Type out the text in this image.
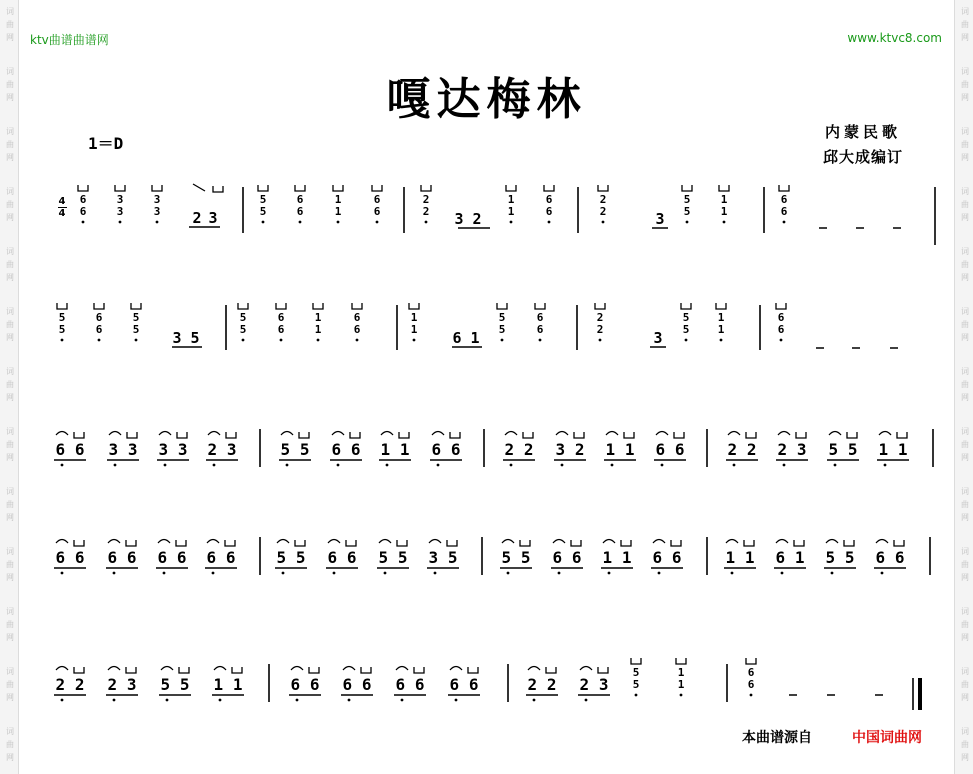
词
曲
网
词
曲
网
词
曲
网
词
曲
网
词
曲
网
词
曲
网
词
曲
网
词
曲
网
词
曲
网
词
曲
网
词
曲
网
词
曲
网
词
曲
网
词
曲
网
词
曲
网
词
曲
网
词
曲
网
词
曲
网
词
曲
网
词
曲
网
词
曲
网
词
曲
网
词
曲
网
词
曲
网
词
曲
网
词
曲
网
ktv曲谱曲谱网	www.ktvc8.com
嘎达梅林
1＝D
内蒙民歌
邱大成编订
4
4
6
6
3
3
3
3 2 3
5
5
6
6
1
1
6
6
2
2 3 2
1
1
6
6
2
2	3
5
5
1
1
6
6
5
5
6
6
5
5 3 5
5
5
6
6
1
1
6
6
1
1 6 1
5
5
6
6
2
2	3
5
5
1
1
6
6
6 6 3 3 3 3 2 3	5 5 6 6 1 1 6 6	2 2 3 2 1 1 6 6	2 2 2 3 5 5 1 1
6 6 6 6 6 6 6 6	5 5 6 6 5 5 3 5	5 5 6 6 1 1 6 6	1 1 6 1 5 5 6 6
2 2 2 3 5 5 1 1	6 6 6 6 6 6 6 6	2 2 2 3
5
5
1
1
6
6
本曲谱源自	中国词曲网
